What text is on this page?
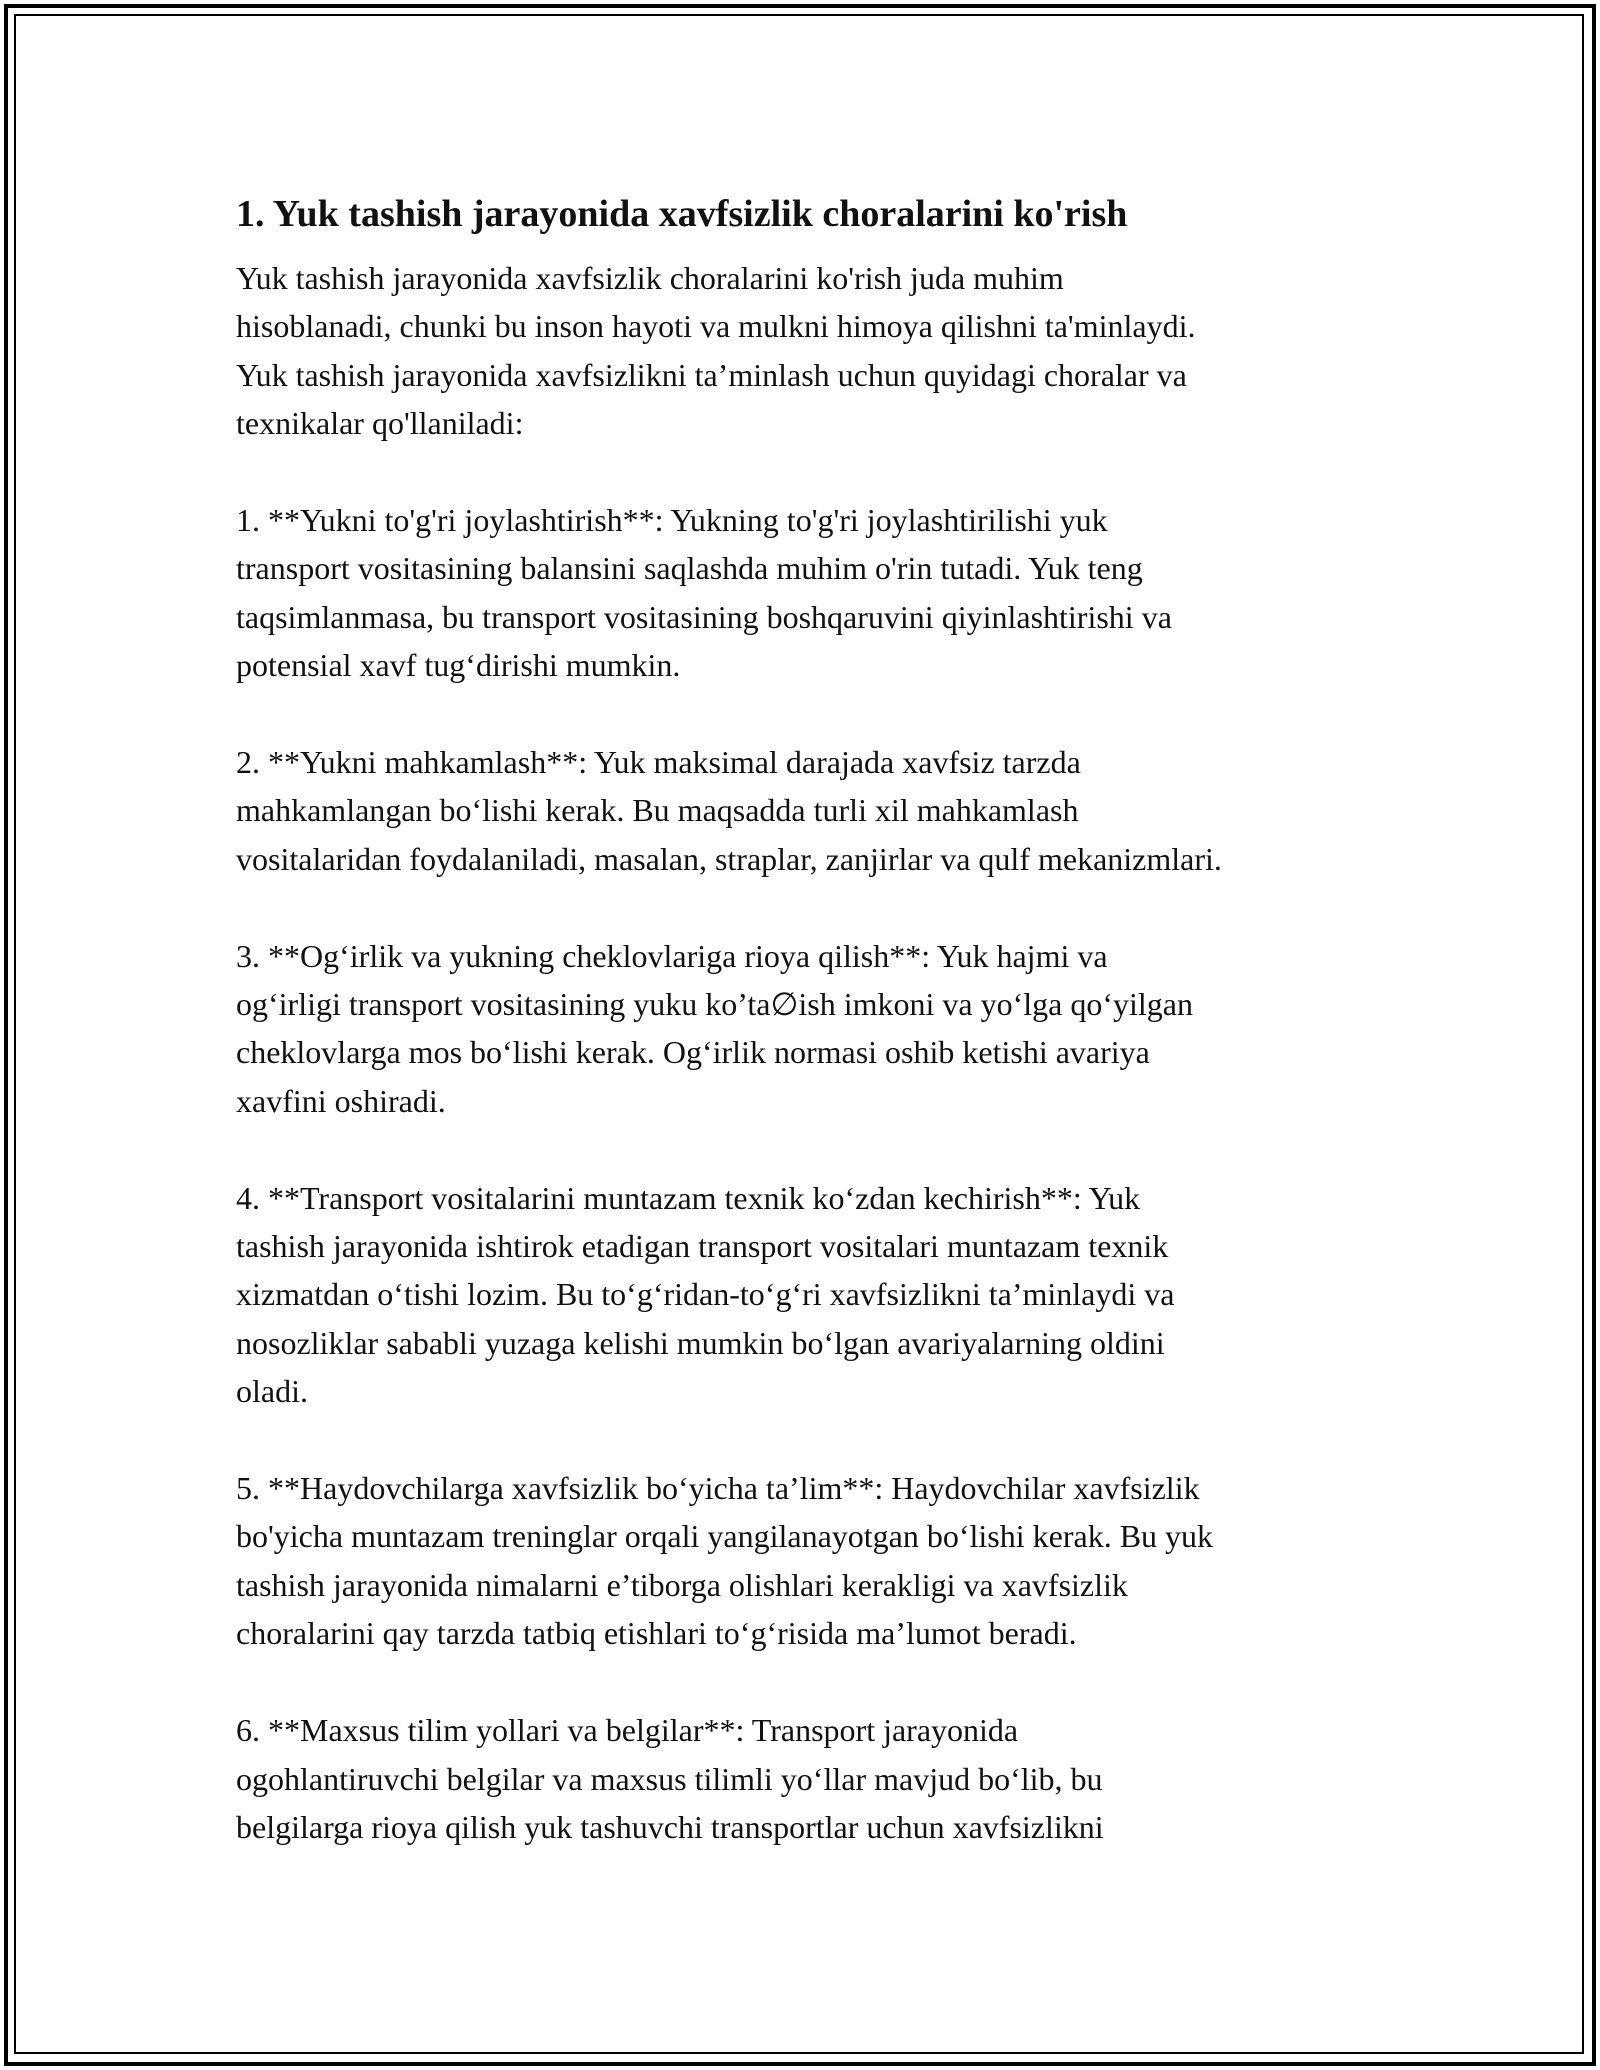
1. Yuk tashish jarayonida xavfsizlik choralarini ko'rish
Yuk tashish jarayonida xavfsizlik choralarini ko'rish juda muhim
hisoblanadi, chunki bu inson hayoti va mulkni himoya qilishni ta'minlaydi.
Yuk tashish jarayonida xavfsizlikni ta’minlash uchun quyidagi choralar va
texnikalar qo'llaniladi:
1. **Yukni to'g'ri joylashtirish**: Yukning to'g'ri joylashtirilishi yuk
transport vositasining balansini saqlashda muhim o'rin tutadi. Yuk teng
taqsimlanmasa, bu transport vositasining boshqaruvini qiyinlashtirishi va
potensial xavf tug‘dirishi mumkin.
2. **Yukni mahkamlash**: Yuk maksimal darajada xavfsiz tarzda
mahkamlangan bo‘lishi kerak. Bu maqsadda turli xil mahkamlash
vositalaridan foydalaniladi, masalan, straplar, zanjirlar va qulf mekanizmlari.
3. **Og‘irlik va yukning cheklovlariga rioya qilish**: Yuk hajmi va
og‘irligi transport vositasining yuku ko’ta∅ish imkoni va yo‘lga qo‘yilgan
cheklovlarga mos bo‘lishi kerak. Og‘irlik normasi oshib ketishi avariya
xavfini oshiradi.
4. **Transport vositalarini muntazam texnik ko‘zdan kechirish**: Yuk
tashish jarayonida ishtirok etadigan transport vositalari muntazam texnik
xizmatdan o‘tishi lozim. Bu to‘g‘ridan-to‘g‘ri xavfsizlikni ta’minlaydi va
nosozliklar sababli yuzaga kelishi mumkin bo‘lgan avariyalarning oldini
oladi.
5. **Haydovchilarga xavfsizlik bo‘yicha ta’lim**: Haydovchilar xavfsizlik
bo'yicha muntazam treninglar orqali yangilanayotgan bo‘lishi kerak. Bu yuk
tashish jarayonida nimalarni e’tiborga olishlari kerakligi va xavfsizlik
choralarini qay tarzda tatbiq etishlari to‘g‘risida ma’lumot beradi.
6. **Maxsus tilim yollari va belgilar**: Transport jarayonida
ogohlantiruvchi belgilar va maxsus tilimli yo‘llar mavjud bo‘lib, bu
belgilarga rioya qilish yuk tashuvchi transportlar uchun xavfsizlikni
